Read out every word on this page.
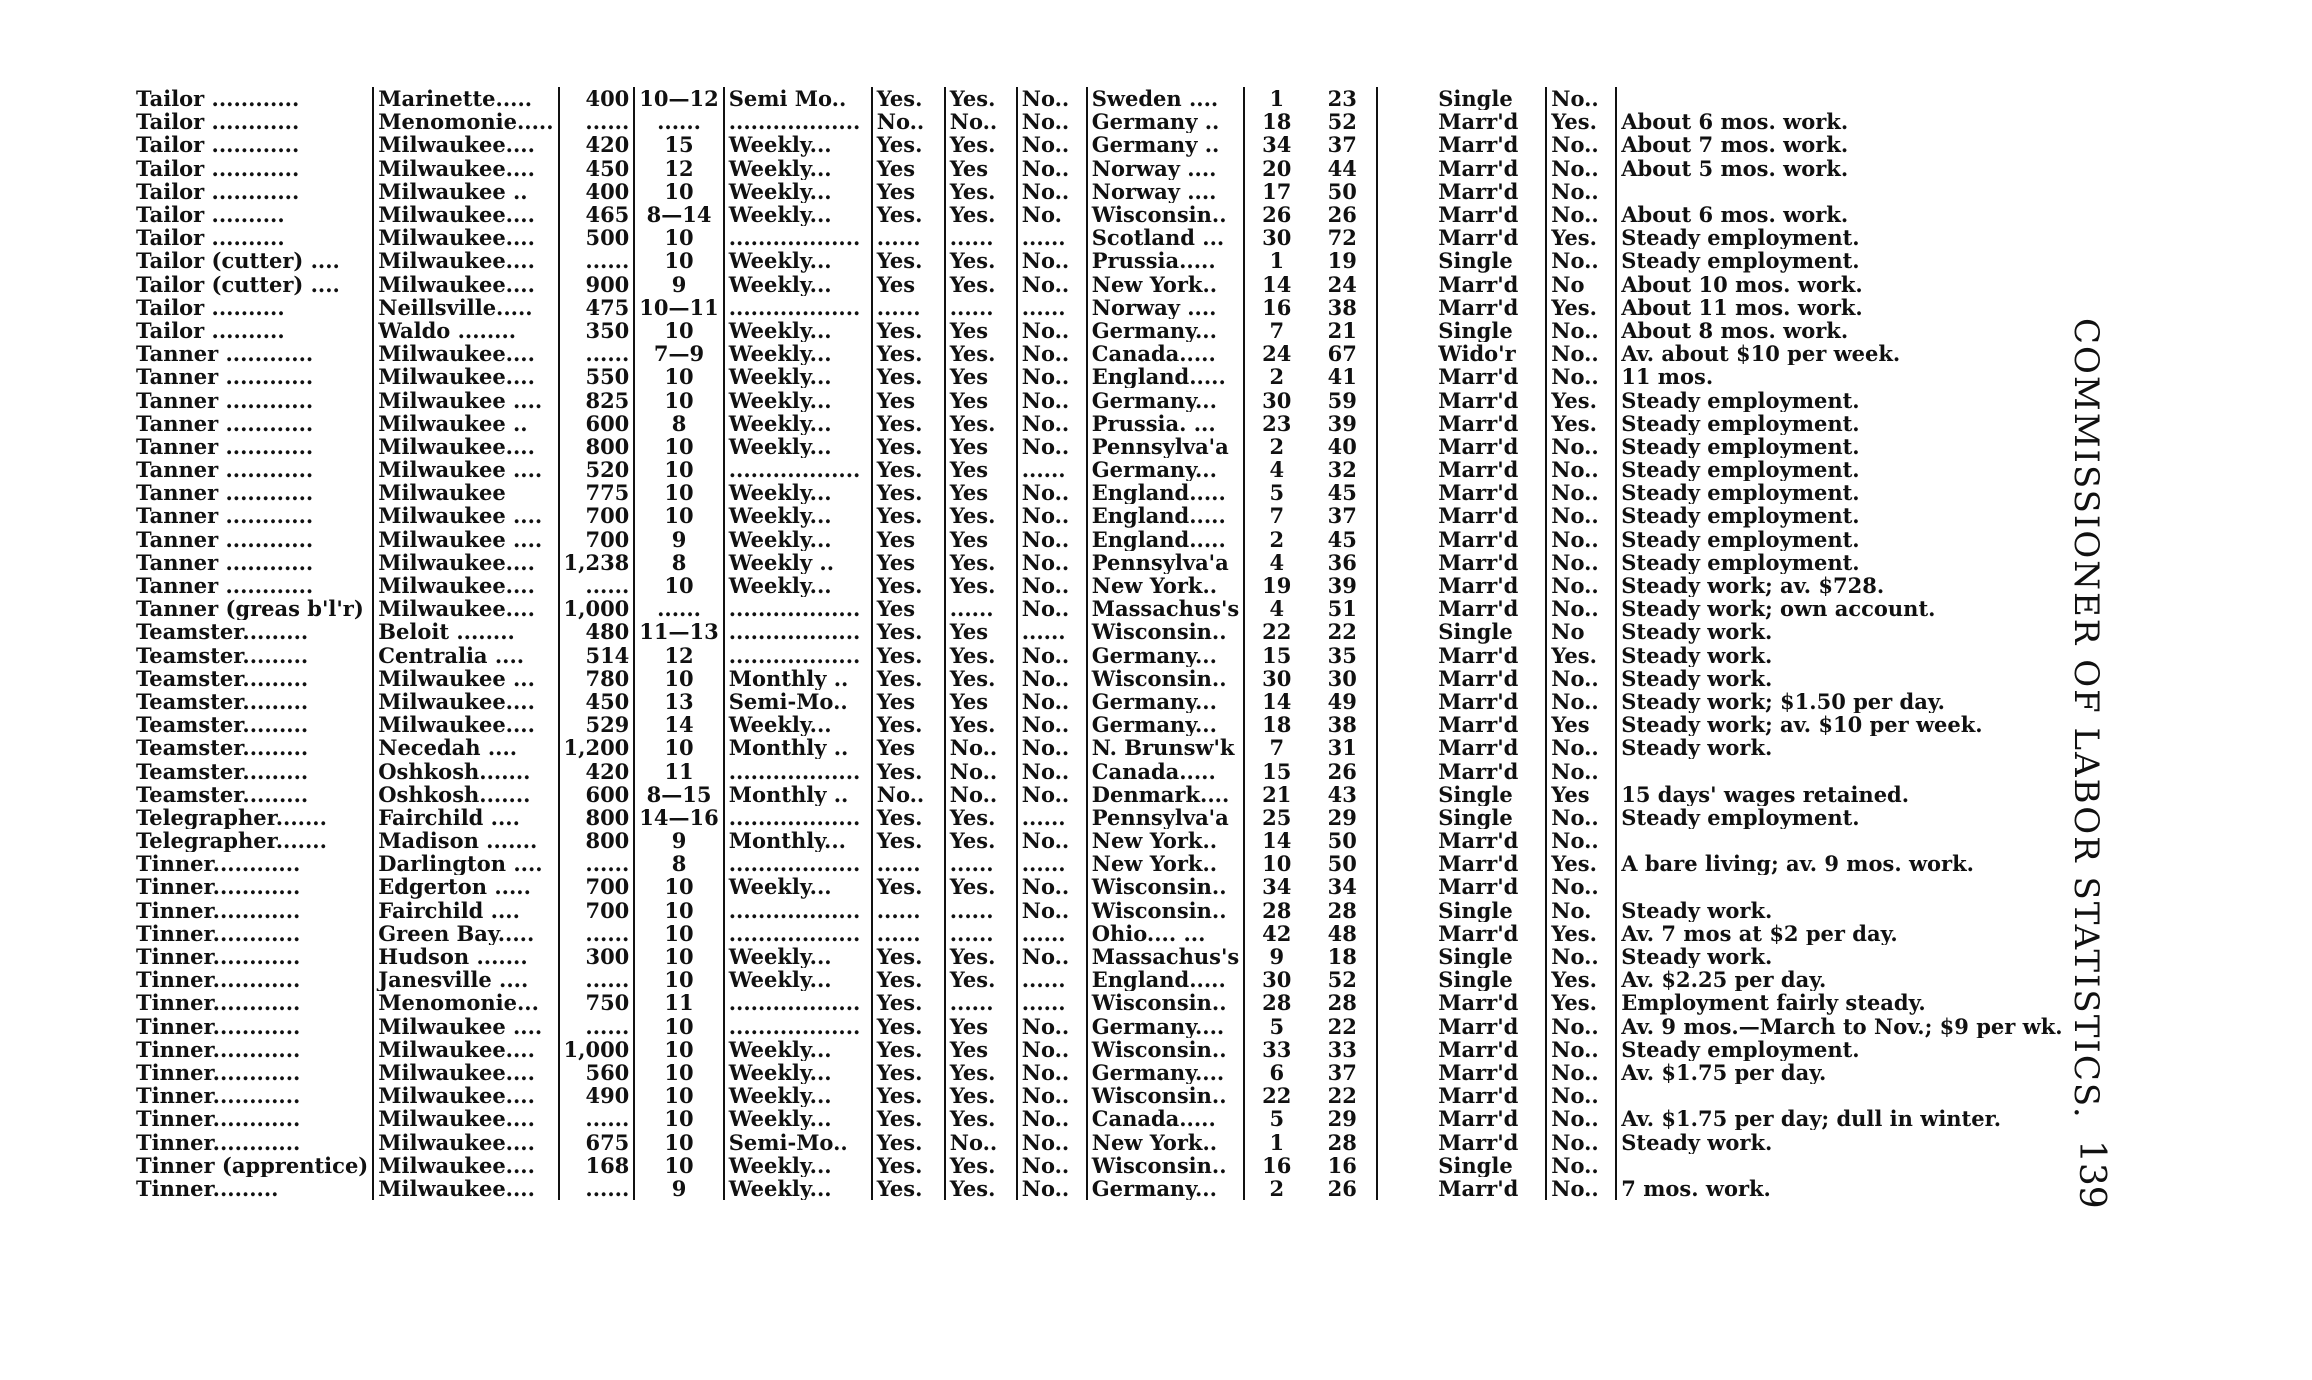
Tailor ............	Marinette.....	400	10—12	Semi Mo..	Yes.	Yes.	No..	Sweden ....	1	23		Single	No..	
Tailor ............	Menomonie.....	......	......	..................	No..	No..	No..	Germany ..	18	52		Marr'd	Yes.	About 6 mos. work.
Tailor ............	Milwaukee....	420	15	Weekly...	Yes.	Yes.	No..	Germany ..	34	37		Marr'd	No..	About 7 mos. work.
Tailor ............	Milwaukee....	450	12	Weekly...	Yes	Yes	No..	Norway ....	20	44		Marr'd	No..	About 5 mos. work.
Tailor ............	Milwaukee ..	400	10	Weekly...	Yes	Yes.	No..	Norway ....	17	50		Marr'd	No..	
Tailor ..........	Milwaukee....	465	8—14	Weekly...	Yes.	Yes.	No.	Wisconsin..	26	26		Marr'd	No..	About 6 mos. work.
Tailor ..........	Milwaukee....	500	10	..................	......	......	......	Scotland ...	30	72		Marr'd	Yes.	Steady employment.
Tailor (cutter) ....	Milwaukee....	......	10	Weekly...	Yes.	Yes.	No..	Prussia.....	1	19		Single	No..	Steady employment.
Tailor (cutter) ....	Milwaukee....	900	9	Weekly...	Yes	Yes.	No..	New York..	14	24		Marr'd	No	About 10 mos. work.
Tailor ..........	Neillsville.....	475	10—11	..................	......	......	......	Norway ....	16	38		Marr'd	Yes.	About 11 mos. work.
Tailor ..........	Waldo ........	350	10	Weekly...	Yes.	Yes	No..	Germany...	7	21		Single	No..	About 8 mos. work.
Tanner ............	Milwaukee....	......	7—9	Weekly...	Yes.	Yes.	No..	Canada.....	24	67		Wido'r	No..	Av. about $10 per week.
Tanner ............	Milwaukee....	550	10	Weekly...	Yes.	Yes	No..	England.....	2	41		Marr'd	No..	11 mos.
Tanner ............	Milwaukee ....	825	10	Weekly...	Yes	Yes	No..	Germany...	30	59		Marr'd	Yes.	Steady employment.
Tanner ............	Milwaukee ..	600	8	Weekly...	Yes.	Yes.	No..	Prussia. ...	23	39		Marr'd	Yes.	Steady employment.
Tanner ............	Milwaukee....	800	10	Weekly...	Yes.	Yes	No..	Pennsylva'a	2	40		Marr'd	No..	Steady employment.
Tanner ............	Milwaukee ....	520	10	..................	Yes.	Yes	......	Germany...	4	32		Marr'd	No..	Steady employment.
Tanner ............	Milwaukee	775	10	Weekly...	Yes.	Yes	No..	England.....	5	45		Marr'd	No..	Steady employment.
Tanner ............	Milwaukee ....	700	10	Weekly...	Yes.	Yes.	No..	England.....	7	37		Marr'd	No..	Steady employment.
Tanner ............	Milwaukee ....	700	9	Weekly...	Yes	Yes	No..	England.....	2	45		Marr'd	No..	Steady employment.
Tanner ............	Milwaukee....	1,238	8	Weekly ..	Yes	Yes.	No..	Pennsylva'a	4	36		Marr'd	No..	Steady employment.
Tanner ............	Milwaukee....	......	10	Weekly...	Yes.	Yes.	No..	New York..	19	39		Marr'd	No..	Steady work; av. $728.
Tanner (greas b'l'r)	Milwaukee....	1,000	......	..................	Yes	......	No..	Massachus's	4	51		Marr'd	No..	Steady work; own account.
Teamster.........	Beloit ........	480	11—13	..................	Yes.	Yes	......	Wisconsin..	22	22		Single	No	Steady work.
Teamster.........	Centralia ....	514	12	..................	Yes.	Yes.	No..	Germany...	15	35		Marr'd	Yes.	Steady work.
Teamster.........	Milwaukee ...	780	10	Monthly ..	Yes.	Yes.	No..	Wisconsin..	30	30		Marr'd	No..	Steady work.
Teamster.........	Milwaukee....	450	13	Semi-Mo..	Yes	Yes	No..	Germany...	14	49		Marr'd	No..	Steady work; $1.50 per day.
Teamster.........	Milwaukee....	529	14	Weekly...	Yes.	Yes.	No..	Germany...	18	38		Marr'd	Yes	Steady work; av. $10 per week.
Teamster.........	Necedah ....	1,200	10	Monthly ..	Yes	No..	No..	N. Brunsw'k	7	31		Marr'd	No..	Steady work.
Teamster.........	Oshkosh.......	420	11	..................	Yes.	No..	No..	Canada.....	15	26		Marr'd	No..	
Teamster.........	Oshkosh.......	600	8—15	Monthly ..	No..	No..	No..	Denmark....	21	43		Single	Yes	15 days' wages retained.
Telegrapher.......	Fairchild ....	800	14—16	..................	Yes.	Yes.	......	Pennsylva'a	25	29		Single	No..	Steady employment.
Telegrapher.......	Madison .......	800	9	Monthly...	Yes.	Yes.	No..	New York..	14	50		Marr'd	No..	
Tinner............	Darlington ....	......	8	..................	......	......	......	New York..	10	50		Marr'd	Yes.	A bare living; av. 9 mos. work.
Tinner............	Edgerton .....	700	10	Weekly...	Yes.	Yes.	No..	Wisconsin..	34	34		Marr'd	No..	
Tinner............	Fairchild ....	700	10	..................	......	......	No..	Wisconsin..	28	28		Single	No.	Steady work.
Tinner............	Green Bay.....	......	10	..................	......	......	......	Ohio.... ...	42	48		Marr'd	Yes.	Av. 7 mos at $2 per day.
Tinner............	Hudson .......	300	10	Weekly...	Yes.	Yes.	No..	Massachus's	9	18		Single	No..	Steady work.
Tinner............	Janesville ....	......	10	Weekly...	Yes.	Yes.	......	England.....	30	52		Single	Yes.	Av. $2.25 per day.
Tinner............	Menomonie...	750	11	..................	Yes.	......	......	Wisconsin..	28	28		Marr'd	Yes.	Employment fairly steady.
Tinner............	Milwaukee ....	......	10	..................	Yes.	Yes	No..	Germany....	5	22		Marr'd	No..	Av. 9 mos.—March to Nov.; $9 per wk.
Tinner............	Milwaukee....	1,000	10	Weekly...	Yes.	Yes	No..	Wisconsin..	33	33		Marr'd	No..	Steady employment.
Tinner............	Milwaukee....	560	10	Weekly...	Yes.	Yes.	No..	Germany....	6	37		Marr'd	No..	Av. $1.75 per day.
Tinner............	Milwaukee....	490	10	Weekly...	Yes.	Yes.	No..	Wisconsin..	22	22		Marr'd	No..	
Tinner............	Milwaukee....	......	10	Weekly...	Yes.	Yes.	No..	Canada.....	5	29		Marr'd	No..	Av. $1.75 per day; dull in winter.
Tinner............	Milwaukee....	675	10	Semi-Mo..	Yes.	No..	No..	New York..	1	28		Marr'd	No..	Steady work.
Tinner (apprentice)	Milwaukee....	168	10	Weekly...	Yes.	Yes.	No..	Wisconsin..	16	16		Single	No..	
Tinner.........	Milwaukee....	......	9	Weekly...	Yes.	Yes.	No..	Germany...	2	26		Marr'd	No..	7 mos. work.
COMMISSIONER OF LABOR STATISTICS.
139
